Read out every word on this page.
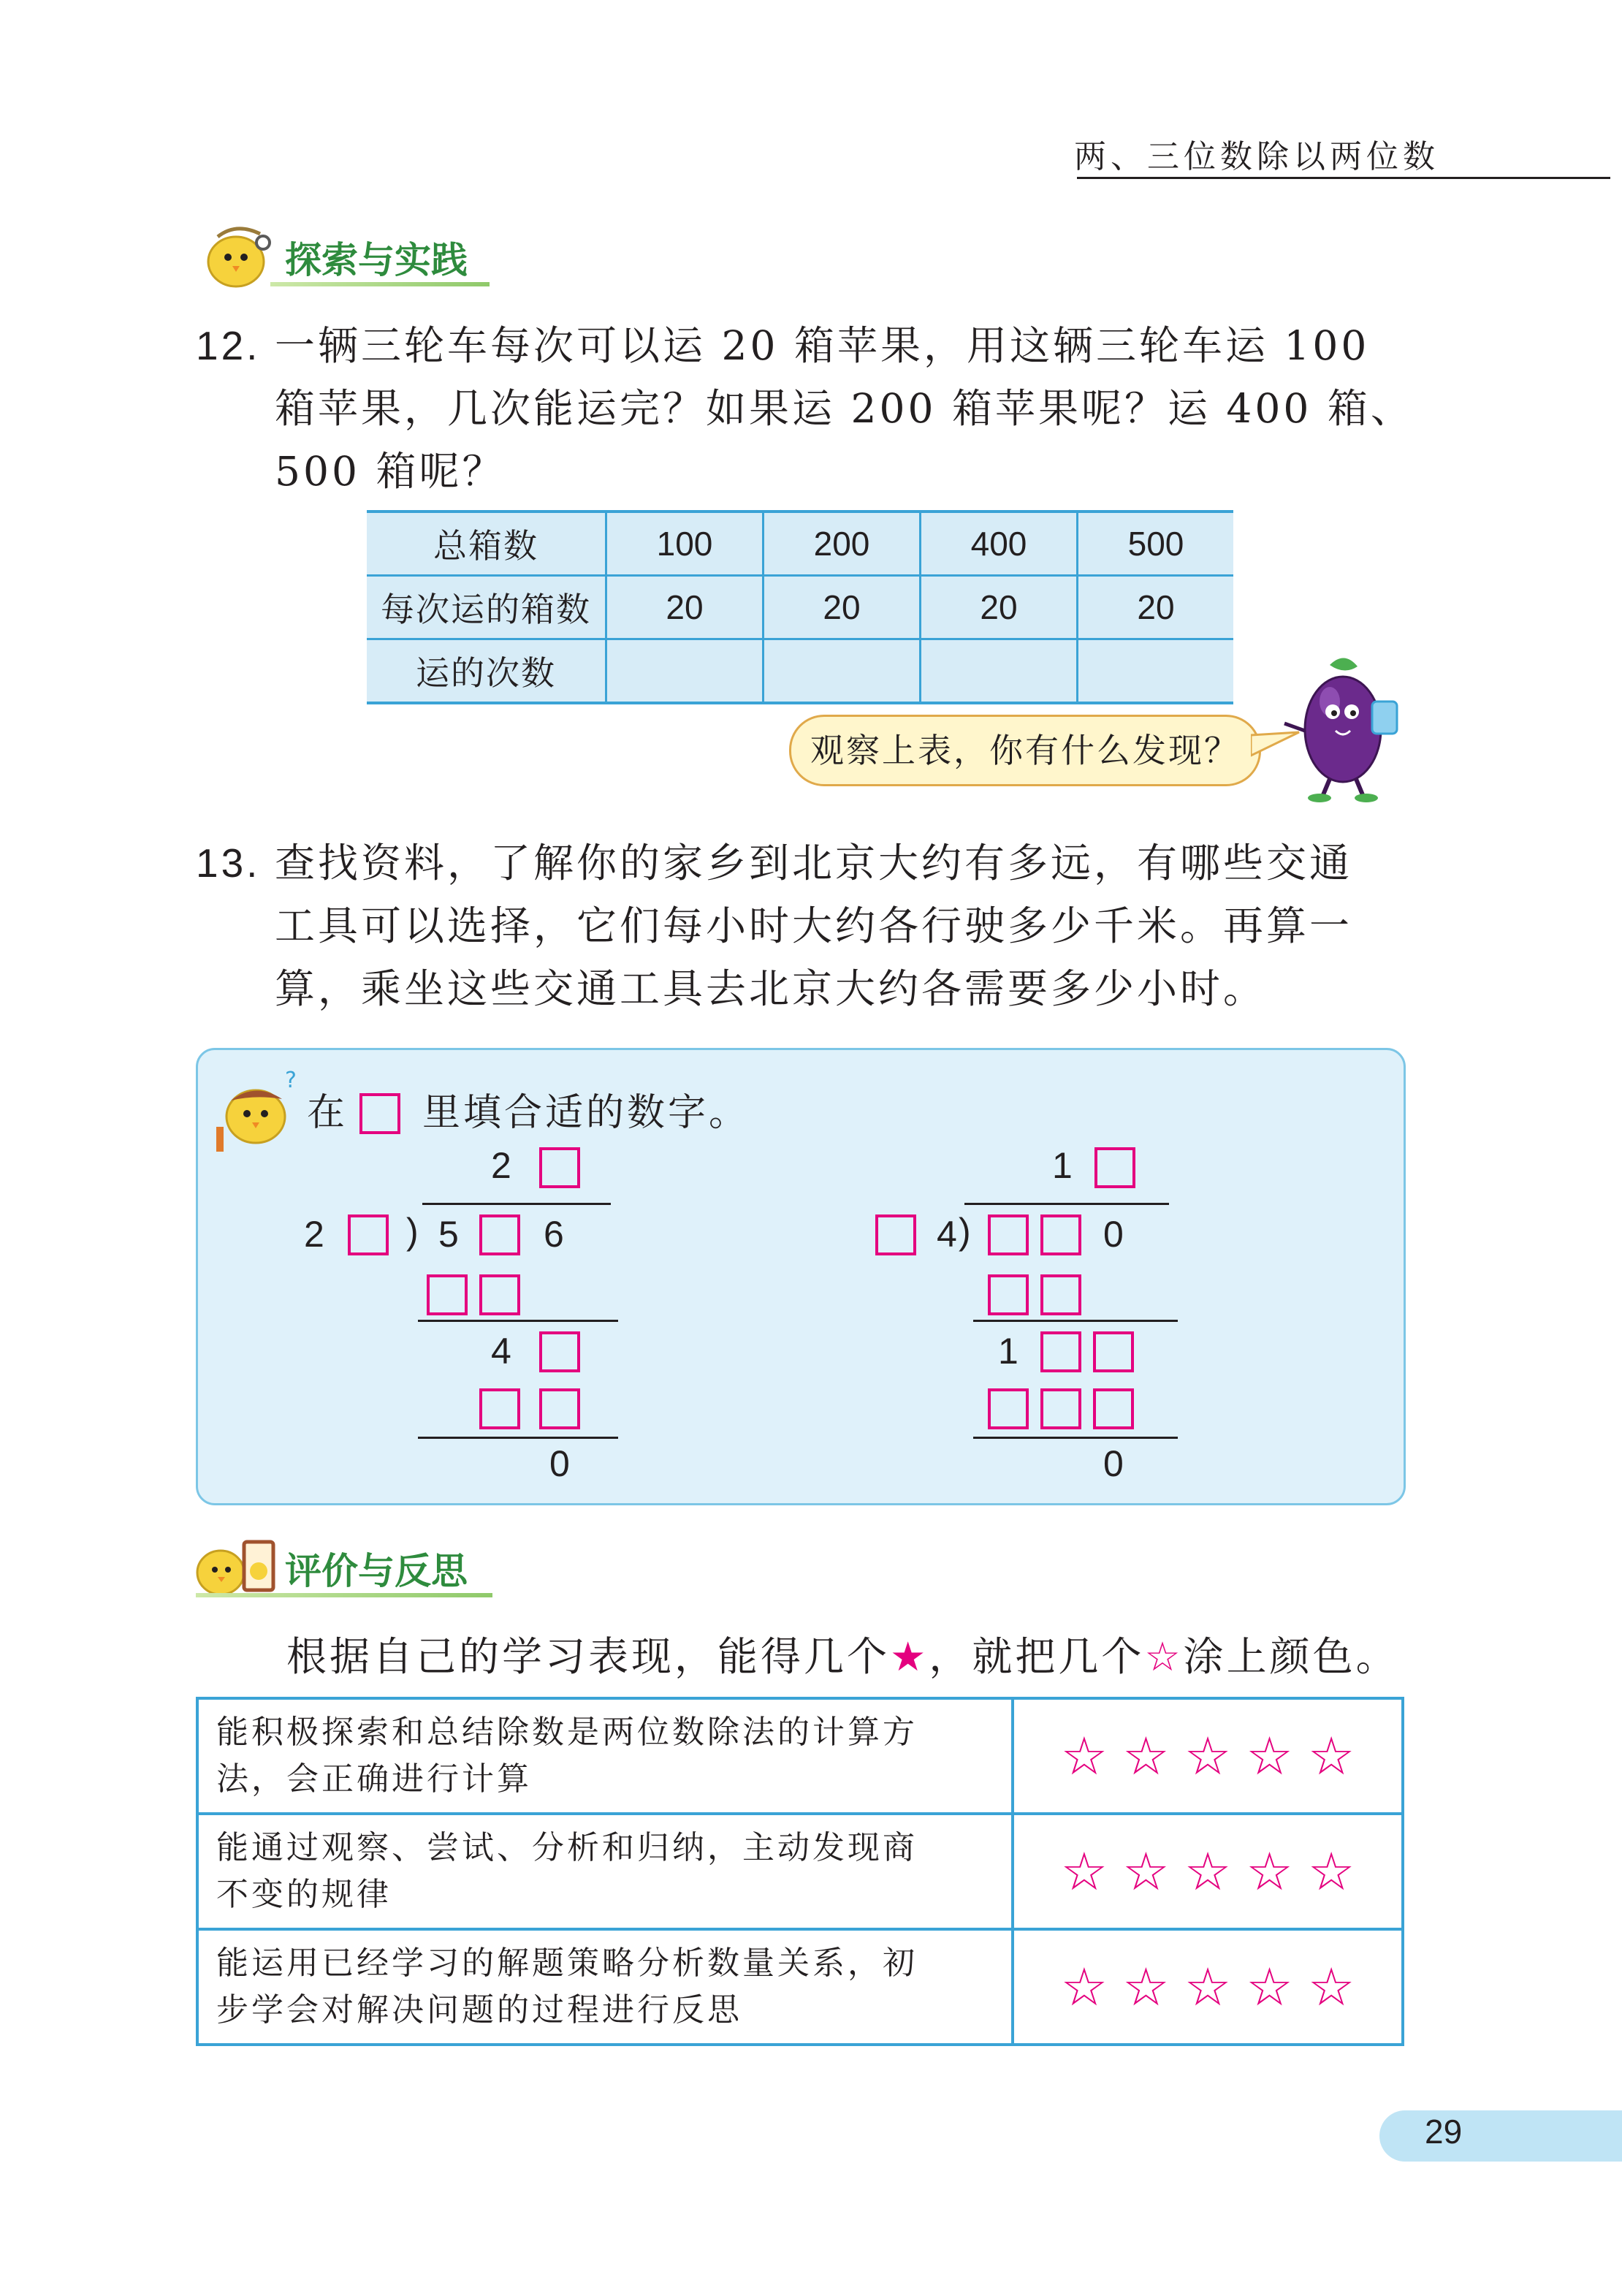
两、三位数除以两位数
探索与实践
12. 一辆三轮车每次可以运 20 箱苹果，用这辆三轮车运 100
箱苹果，几次能运完？如果运 200 箱苹果呢？运 400 箱、
500 箱呢？
总箱数	100	200	400	500
每次运的箱数	20	20	20	20
运的次数				
观察上表，你有什么发现？
13. 查找资料，了解你的家乡到北京大约有多远，有哪些交通
工具可以选择，它们每小时大约各行驶多少千米。再算一
算，乘坐这些交通工具去北京大约各需要多少小时。
?
在 里填合适的数字。
2
2 ) 5 6
4
0
1
4 )	0
1
0
评价与反思
根据自己的学习表现，能得几个★，就把几个☆涂上颜色。
能积极探索和总结除数是两位数除法的计算方
法，会正确进行计算	☆ ☆ ☆ ☆ ☆

能通过观察、尝试、分析和归纳，主动发现商
不变的规律	☆ ☆ ☆ ☆ ☆

能运用已经学习的解题策略分析数量关系，初
步学会对解决问题的过程进行反思	☆ ☆ ☆ ☆ ☆
29
